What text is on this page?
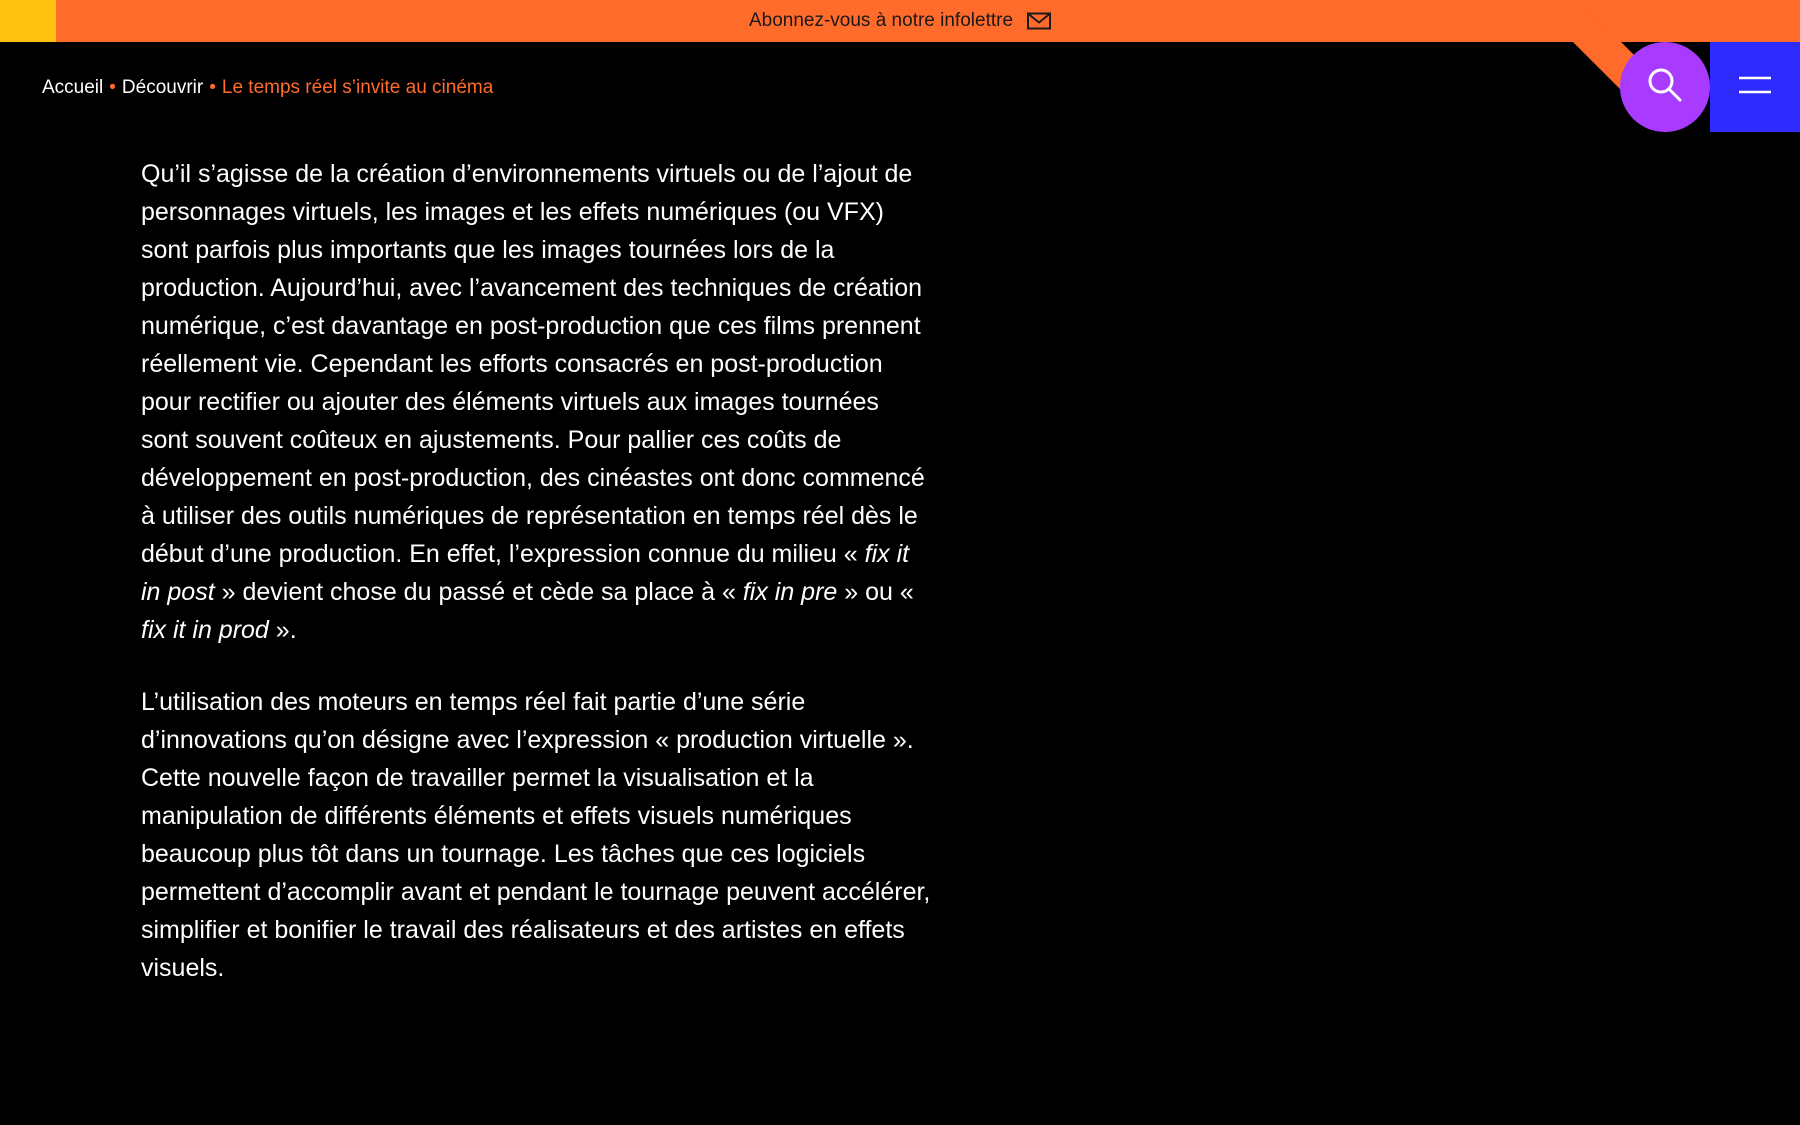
Abonnez-vous à notre infolettre
Accueil • Découvrir • Le temps réel s’invite au cinéma

Qu’il s’agisse de la création d’environnements virtuels ou de l’ajout de personnages virtuels, les images et les effets numériques (ou VFX) sont parfois plus importants que les images tournées lors de la production. Aujourd’hui, avec l’avancement des techniques de création numérique, c’est davantage en post-production que ces films prennent réellement vie. Cependant les efforts consacrés en post-production pour rectifier ou ajouter des éléments virtuels aux images tournées sont souvent coûteux en ajustements. Pour pallier ces coûts de développement en post-production, des cinéastes ont donc commencé à utiliser des outils numériques de représentation en temps réel dès le début d’une production. En effet, l’expression connue du milieu « fix it in post » devient chose du passé et cède sa place à « fix in pre » ou « fix it in prod ».

L’utilisation des moteurs en temps réel fait partie d’une série d’innovations qu’on désigne avec l’expression « production virtuelle ». Cette nouvelle façon de travailler permet la visualisation et la manipulation de différents éléments et effets visuels numériques beaucoup plus tôt dans un tournage. Les tâches que ces logiciels permettent d’accomplir avant et pendant le tournage peuvent accélérer, simplifier et bonifier le travail des réalisateurs et des artistes en effets visuels.
